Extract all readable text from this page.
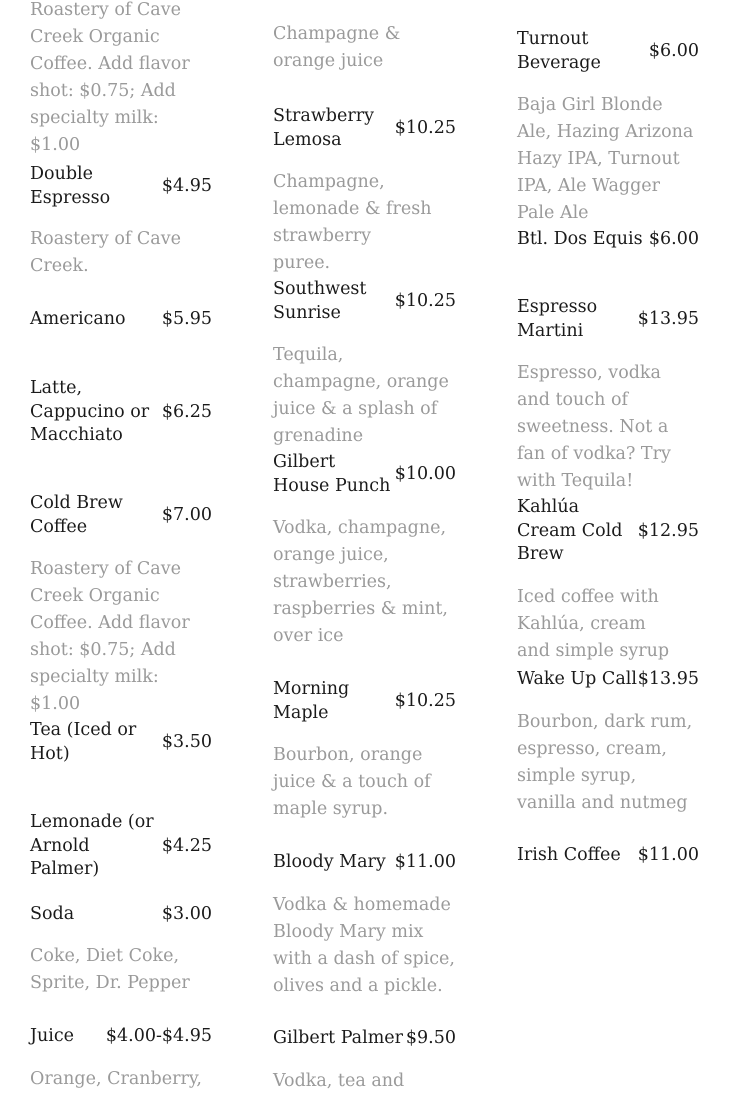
Roastery of Cave Creek Organic Coffee. Add flavor shot: $0.75; Add specialty milk: $1.00

Double Espresso
$4.95

Roastery of Cave Creek.

Americano $5.95
Latte, Cappucino or Macchiato
$6.25
Cold Brew Coffee
$7.00

Roastery of Cave Creek Organic Coffee. Add flavor shot: $0.75; Add specialty milk: $1.00

Tea (Iced or Hot)
$3.50
Lemonade (or Arnold Palmer)
$4.25
Soda	$3.00

Coke, Diet Coke, Sprite, Dr. Pepper

Juice $4.00-$4.95

Orange, Cranberry,

Champagne & orange juice

Strawberry Lemosa
$10.25

Champagne, lemonade & fresh strawberry puree.

Southwest Sunrise
$10.25

Tequila, champagne, orange juice & a splash of grenadine

Gilbert House Punch
$10.00

Vodka, champagne, orange juice, strawberries, raspberries & mint, over ice

Morning Maple
$10.25

Bourbon, orange juice & a touch of maple syrup.

Bloody Mary $11.00

Vodka & homemade Bloody Mary mix with a dash of spice, olives and a pickle.

Gilbert Palmer $9.50

Vodka, tea and

Turnout Beverage
$6.00

Baja Girl Blonde Ale, Hazing Arizona Hazy IPA, Turnout IPA, Ale Wagger Pale Ale

Btl. Dos Equis $6.00
Espresso Martini
$13.95

Espresso, vodka and touch of sweetness. Not a fan of vodka? Try with Tequila!

Kahlúa Cream Cold Brew
$12.95

Iced coffee with Kahlúa, cream and simple syrup

Wake Up Call $13.95

Bourbon, dark rum, espresso, cream, simple syrup, vanilla and nutmeg

Irish Coffee $11.00
